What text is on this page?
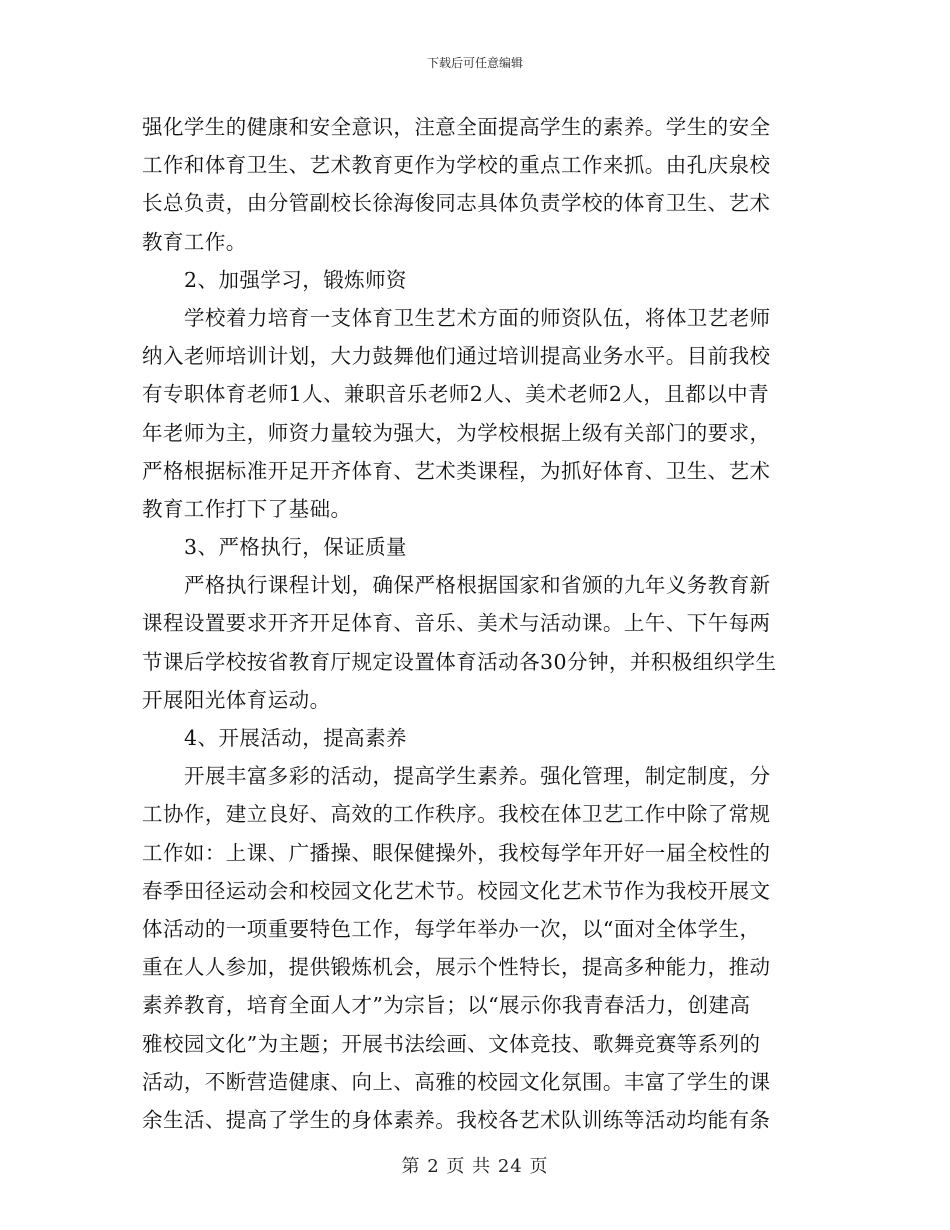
下载后可任意编辑
强化学生的健康和安全意识，注意全面提高学生的素养。学生的安全
工作和体育卫生、艺术教育更作为学校的重点工作来抓。由孔庆泉校
长总负责，由分管副校长徐海俊同志具体负责学校的体育卫生、艺术
教育工作。
2、加强学习，锻炼师资
学校着力培育一支体育卫生艺术方面的师资队伍，将体卫艺老师
纳入老师培训计划，大力鼓舞他们通过培训提高业务水平。目前我校
有专职体育老师1人、兼职音乐老师2人、美术老师2人，且都以中青
年老师为主，师资力量较为强大，为学校根据上级有关部门的要求，
严格根据标准开足开齐体育、艺术类课程，为抓好体育、卫生、艺术
教育工作打下了基础。
3、严格执行，保证质量
严格执行课程计划，确保严格根据国家和省颁的九年义务教育新
课程设置要求开齐开足体育、音乐、美术与活动课。上午、下午每两
节课后学校按省教育厅规定设置体育活动各30分钟，并积极组织学生
开展阳光体育运动。
4、开展活动，提高素养
开展丰富多彩的活动，提高学生素养。强化管理，制定制度，分
工协作，建立良好、高效的工作秩序。我校在体卫艺工作中除了常规
工作如：上课、广播操、眼保健操外，我校每学年开好一届全校性的
春季田径运动会和校园文化艺术节。校园文化艺术节作为我校开展文
体活动的一项重要特色工作，每学年举办一次，以“面对全体学生，
重在人人参加，提供锻炼机会，展示个性特长，提高多种能力，推动
素养教育，培育全面人才”为宗旨；以“展示你我青春活力，创建高
雅校园文化”为主题；开展书法绘画、文体竞技、歌舞竞赛等系列的
活动，不断营造健康、向上、高雅的校园文化氛围。丰富了学生的课
余生活、提高了学生的身体素养。我校各艺术队训练等活动均能有条
第 2 页 共 24 页
